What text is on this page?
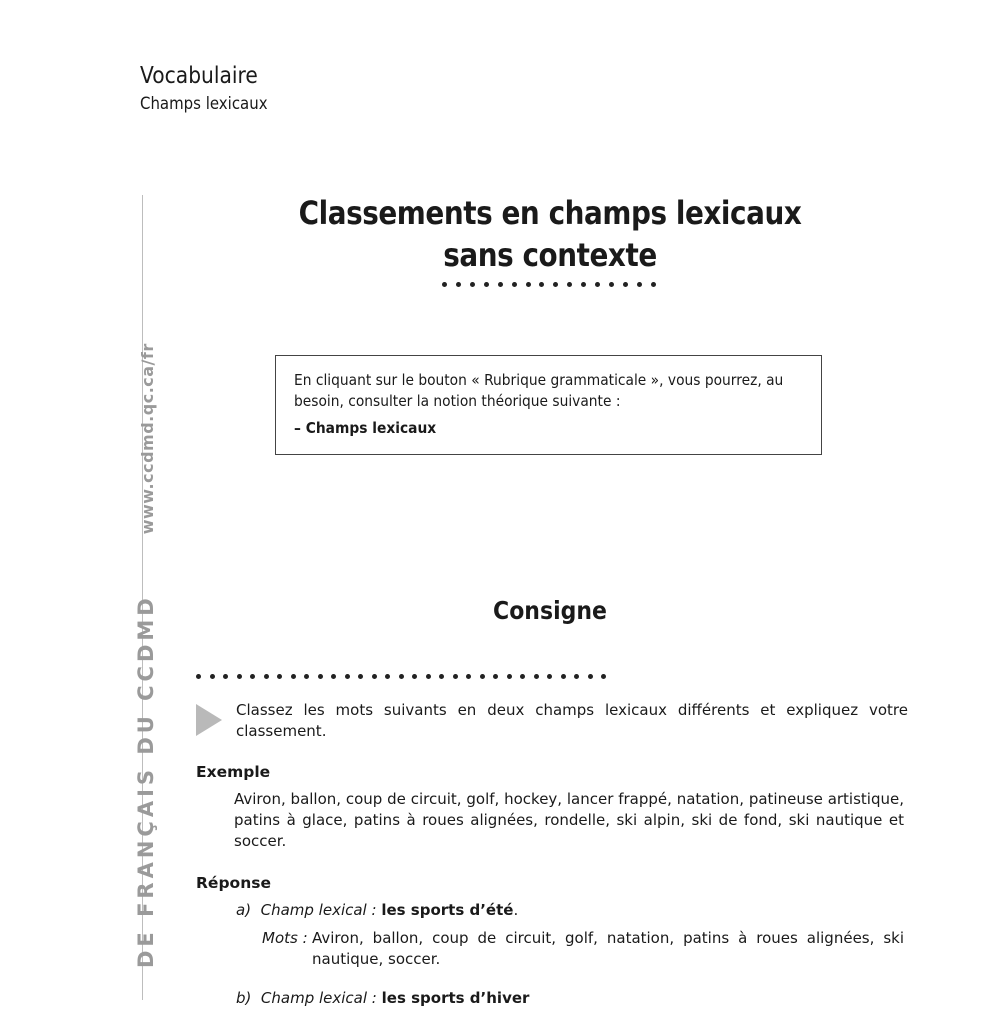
DE FRANÇAIS DU CCDMD
www.ccdmd.qc.ca/fr
Vocabulaire
Champs lexicaux
Classements en champs lexicaux
sans contexte
En cliquant sur le bouton « Rubrique grammaticale », vous pourrez, au besoin, consulter la notion théorique suivante :
– Champs lexicaux
Consigne
Classez les mots suivants en deux champs lexicaux différents et expliquez votre classement.
Exemple
Aviron, ballon, coup de circuit, golf, hockey, lancer frappé, natation, patineuse artistique, patins à glace, patins à roues alignées, rondelle, ski alpin, ski de fond, ski nautique et soccer.
Réponse
a) Champ lexical : les sports d’été.
Mots : Aviron, ballon, coup de circuit, golf, natation, patins à roues alignées, ski nautique, soccer.
b) Champ lexical : les sports d’hiver
